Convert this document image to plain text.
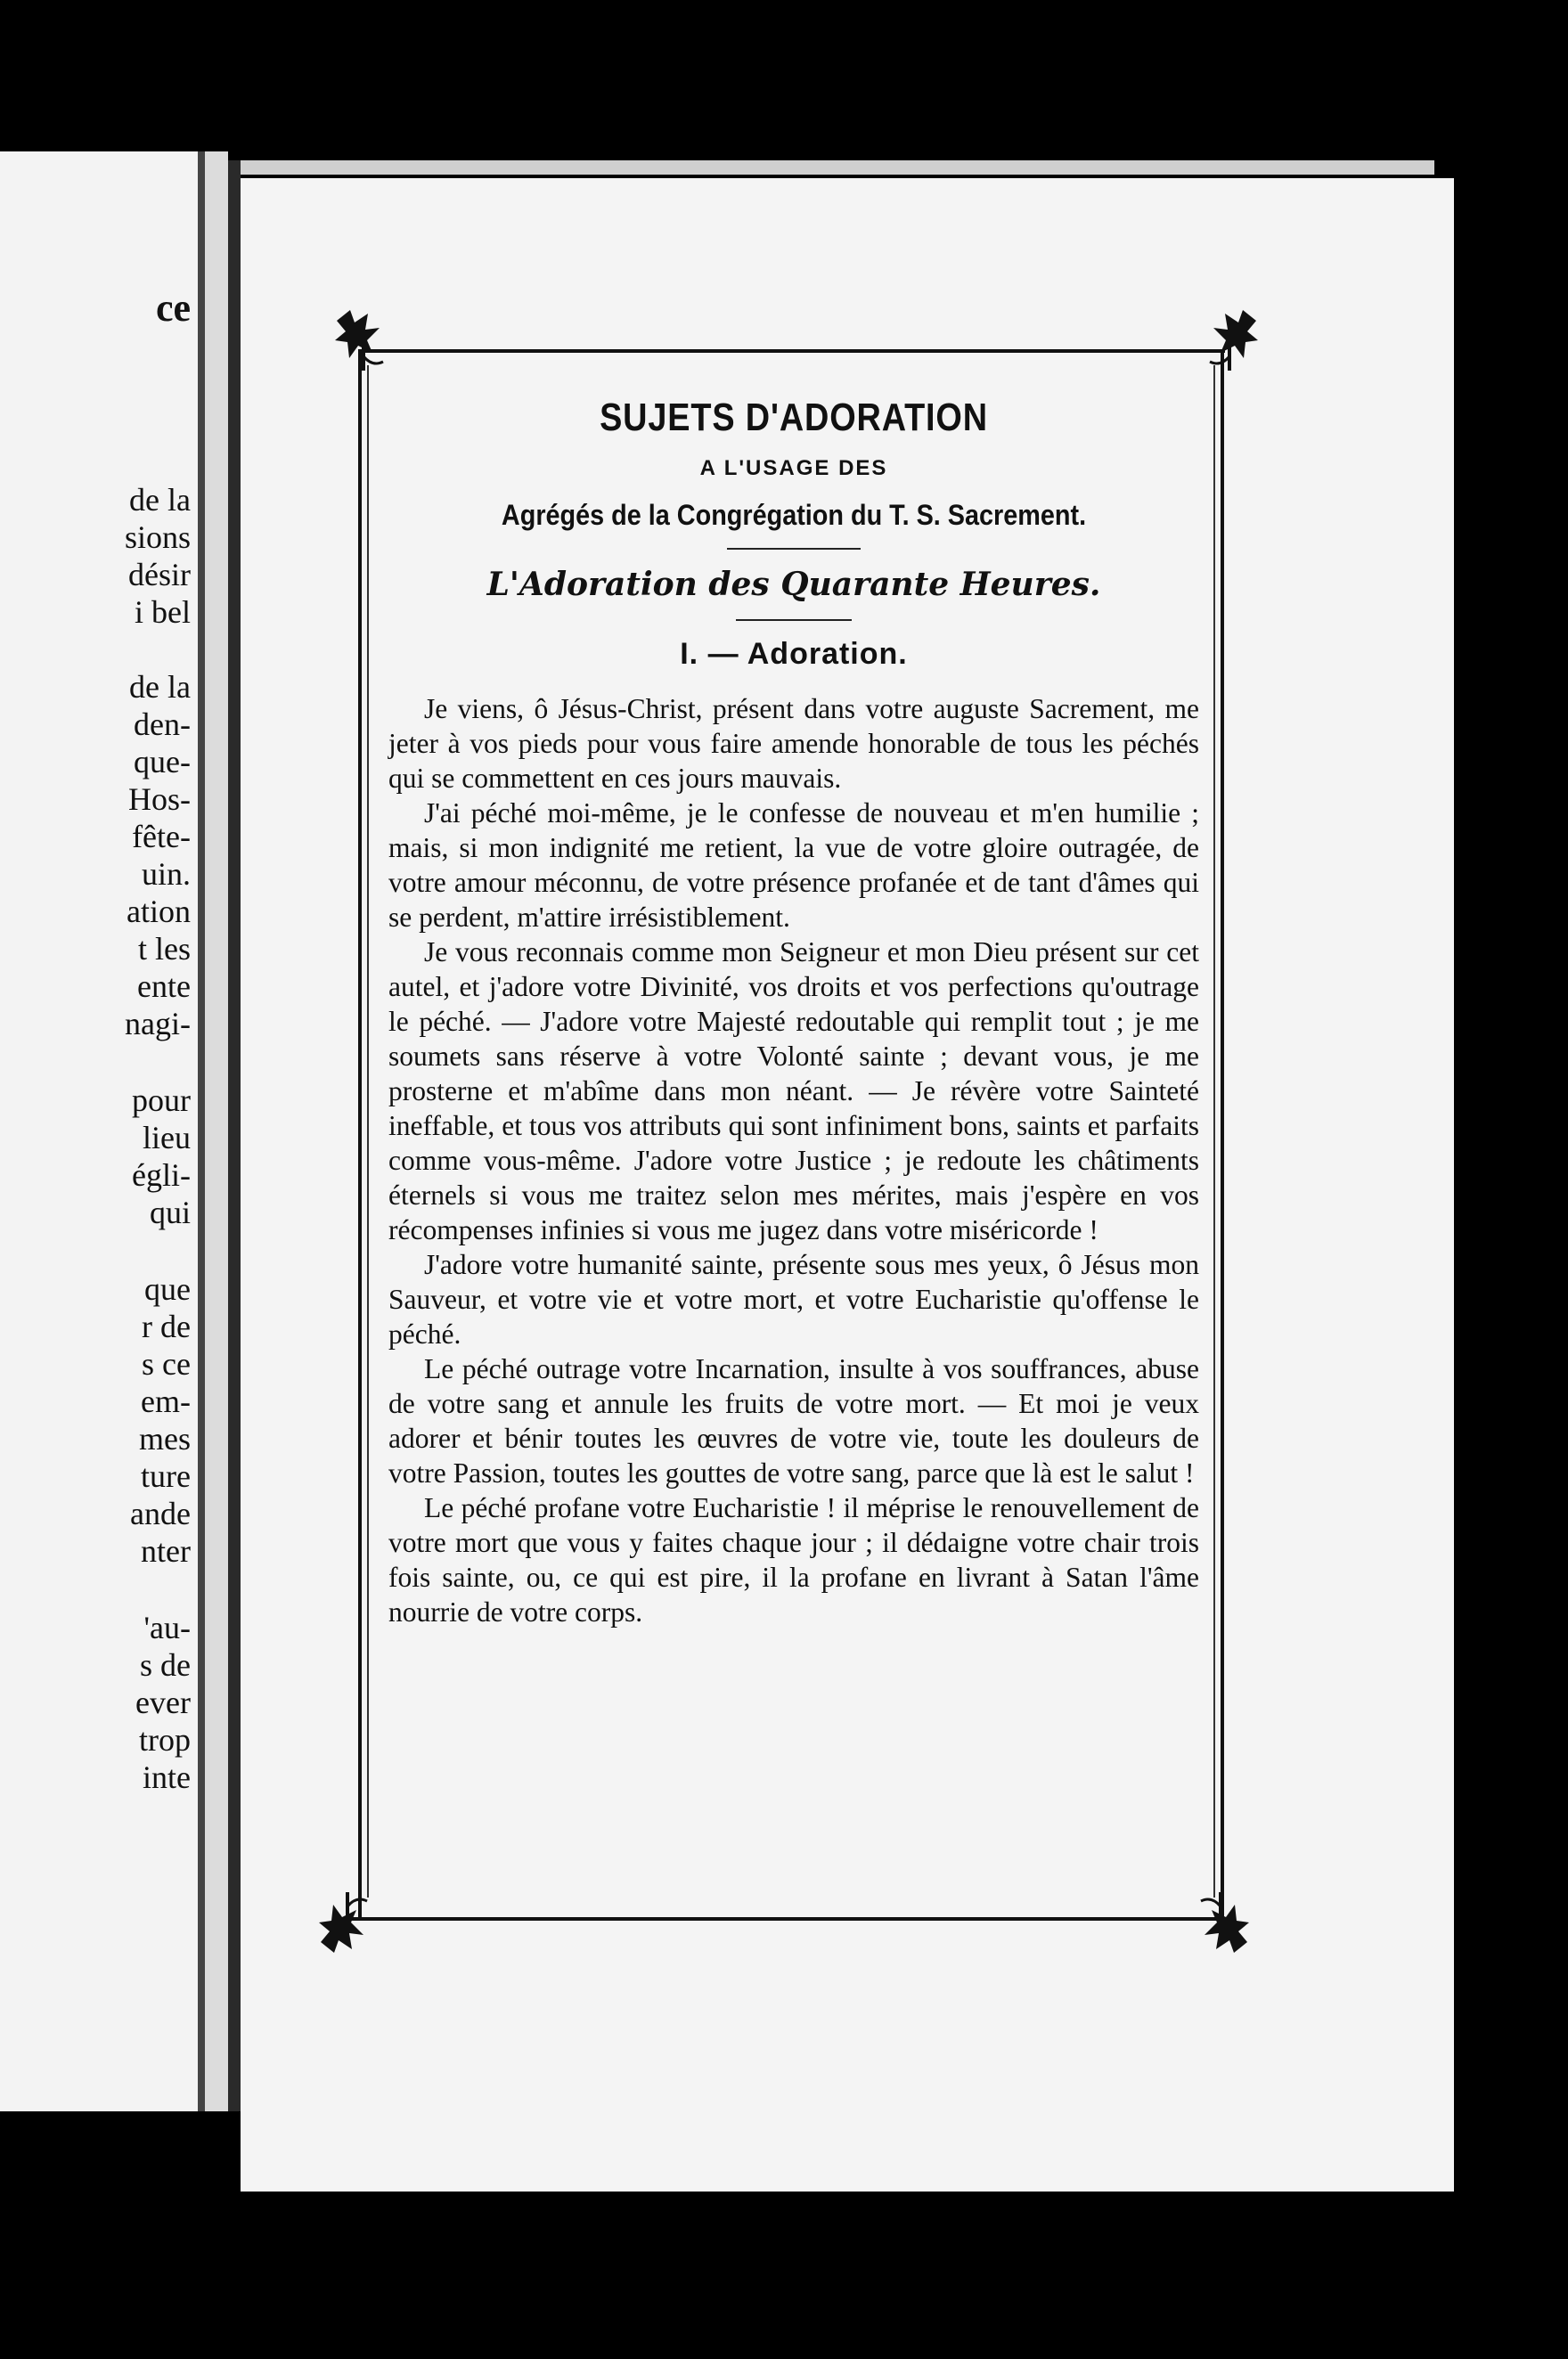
ce
de la
sions
désir
i bel
de la
den-
que-
Hos-
fête-
uin.
ation
t les
ente
nagi-
pour
lieu
égli-
qui
que
r de
s ce
em-
mes
ture
ande
nter
'au-
s de
ever
trop
inte
SUJETS D'ADORATION
A L'USAGE DES
Agrégés de la Congrégation du T. S. Sacrement.
L'Adoration des Quarante Heures.
I. — Adoration.

Je viens, ô Jésus-Christ, présent dans votre auguste Sacrement, me jeter à vos pieds pour vous faire amende honorable de tous les péchés qui se commettent en ces jours mauvais.

J'ai péché moi-même, je le confesse de nouveau et m'en humilie ; mais, si mon indignité me retient, la vue de votre gloire outragée, de votre amour méconnu, de votre présence profanée et de tant d'âmes qui se perdent, m'attire irrésistiblement.

Je vous reconnais comme mon Seigneur et mon Dieu présent sur cet autel, et j'adore votre Divinité, vos droits et vos perfections qu'outrage le péché. — J'adore votre Majesté redoutable qui remplit tout ; je me soumets sans réserve à votre Volonté sainte ; devant vous, je me prosterne et m'abîme dans mon néant. — Je révère votre Sainteté ineffable, et tous vos attributs qui sont infiniment bons, saints et parfaits comme vous-même. J'adore votre Justice ; je redoute les châtiments éternels si vous me traitez selon mes mérites, mais j'espère en vos récompenses infinies si vous me jugez dans votre miséricorde !

J'adore votre humanité sainte, présente sous mes yeux, ô Jésus mon Sauveur, et votre vie et votre mort, et votre Eucharistie qu'offense le péché.

Le péché outrage votre Incarnation, insulte à vos souffrances, abuse de votre sang et annule les fruits de votre mort. — Et moi je veux adorer et bénir toutes les œuvres de votre vie, toute les douleurs de votre Passion, toutes les gouttes de votre sang, parce que là est le salut !

Le péché profane votre Eucharistie ! il méprise le renouvellement de votre mort que vous y faites chaque jour ; il dédaigne votre chair trois fois sainte, ou, ce qui est pire, il la profane en livrant à Satan l'âme nourrie de votre corps.
